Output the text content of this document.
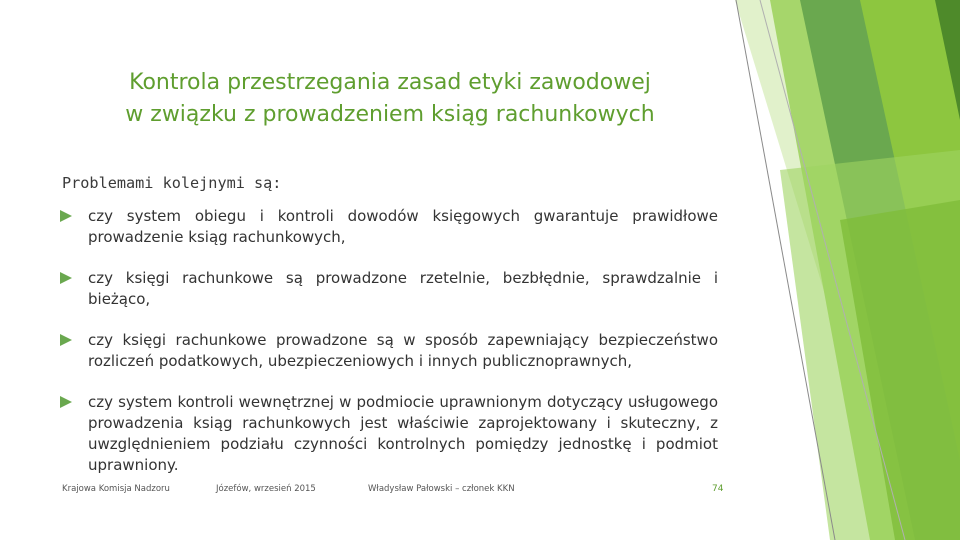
Kontrola przestrzegania zasad etyki zawodowej
w związku z prowadzeniem ksiąg rachunkowych
Problemami kolejnymi są:
czy system obiegu i kontroli dowodów księgowych gwarantuje prawidłowe prowadzenie ksiąg rachunkowych,
czy księgi rachunkowe są prowadzone rzetelnie, bezbłędnie, sprawdzalnie i bieżąco,
czy księgi rachunkowe prowadzone są w sposób zapewniający bezpieczeństwo rozliczeń podatkowych, ubezpieczeniowych i innych publicznoprawnych,
czy system kontroli wewnętrznej w podmiocie uprawnionym dotyczący usługowego prowadzenia ksiąg rachunkowych jest właściwie zaprojektowany i skuteczny, z uwzględnieniem podziału czynności kontrolnych pomiędzy jednostkę i podmiot uprawniony.
Krajowa Komisja Nadzoru	Józefów, wrzesień 2015	Władysław Pałowski – członek KKN	74
